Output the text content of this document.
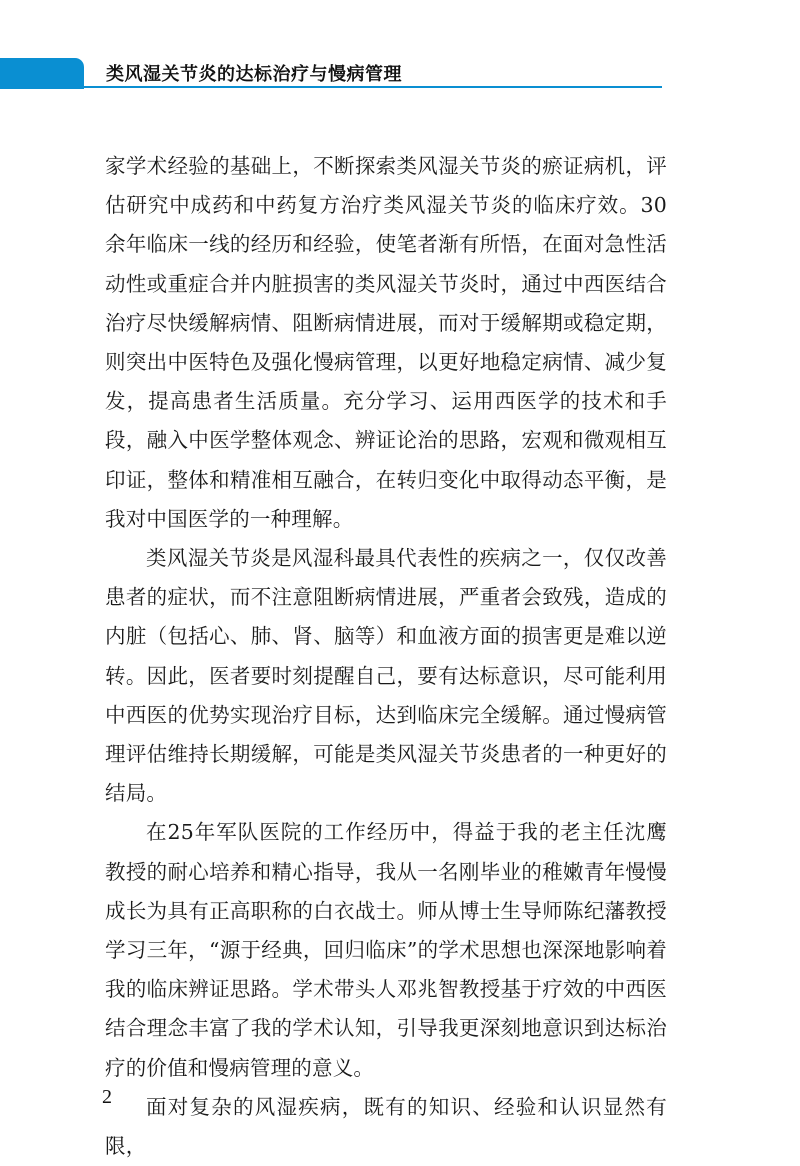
类风湿关节炎的达标治疗与慢病管理

家学术经验的基础上，不断探索类风湿关节炎的瘀证病机，评估研究中成药和中药复方治疗类风湿关节炎的临床疗效。30余年临床一线的经历和经验，使笔者渐有所悟，在面对急性活动性或重症合并内脏损害的类风湿关节炎时，通过中西医结合治疗尽快缓解病情、阻断病情进展，而对于缓解期或稳定期，则突出中医特色及强化慢病管理，以更好地稳定病情、减少复发，提高患者生活质量。充分学习、运用西医学的技术和手段，融入中医学整体观念、辨证论治的思路，宏观和微观相互印证，整体和精准相互融合，在转归变化中取得动态平衡，是我对中国医学的一种理解。

类风湿关节炎是风湿科最具代表性的疾病之一，仅仅改善患者的症状，而不注意阻断病情进展，严重者会致残，造成的内脏（包括心、肺、肾、脑等）和血液方面的损害更是难以逆转。因此，医者要时刻提醒自己，要有达标意识，尽可能利用中西医的优势实现治疗目标，达到临床完全缓解。通过慢病管理评估维持长期缓解，可能是类风湿关节炎患者的一种更好的结局。

在25年军队医院的工作经历中，得益于我的老主任沈鹰教授的耐心培养和精心指导，我从一名刚毕业的稚嫩青年慢慢成长为具有正高职称的白衣战士。师从博士生导师陈纪藩教授学习三年，“源于经典，回归临床”的学术思想也深深地影响着我的临床辨证思路。学术带头人邓兆智教授基于疗效的中西医结合理念丰富了我的学术认知，引导我更深刻地意识到达标治疗的价值和慢病管理的意义。

面对复杂的风湿疾病，既有的知识、经验和认识显然有限，

2
